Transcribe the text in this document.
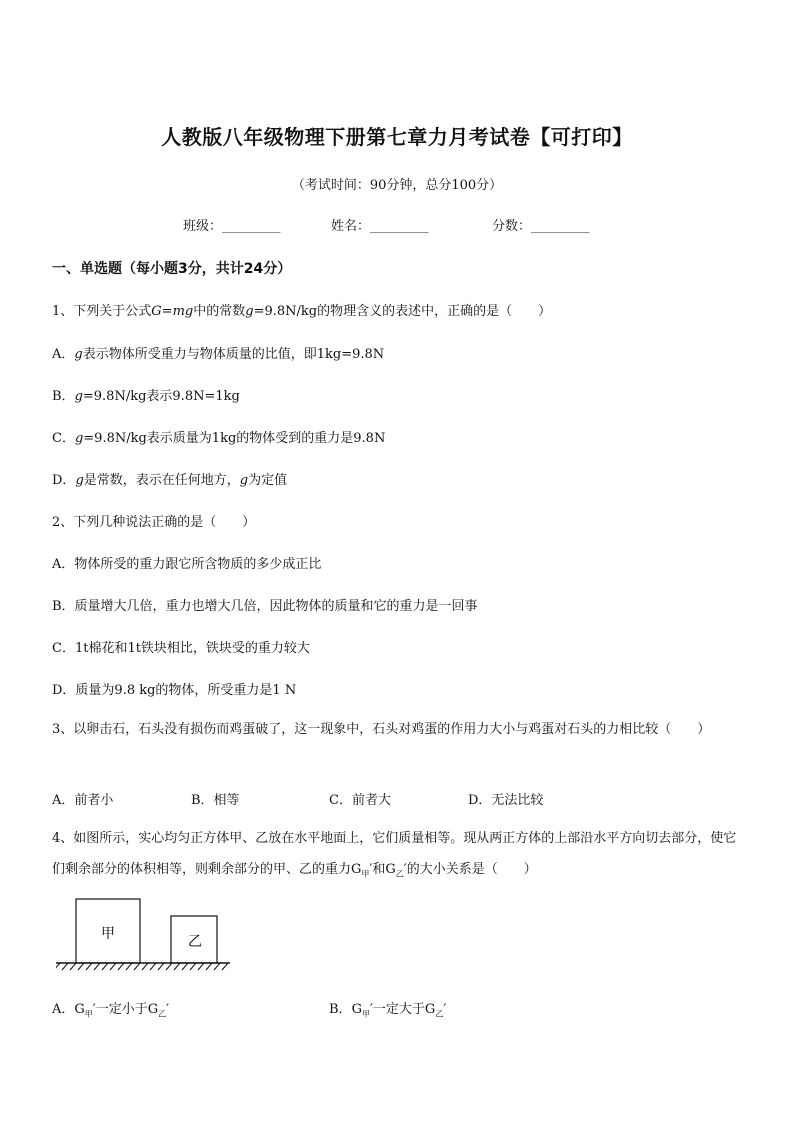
人教版八年级物理下册第七章力月考试卷【可打印】
（考试时间：90分钟，总分100分）
班级：_________	姓名：_________	分数：_________
一、单选题（每小题3分，共计24分）
1、下列关于公式G=mg中的常数g=9.8N/kg的物理含义的表述中，正确的是（　　）
A．g表示物体所受重力与物体质量的比值，即1kg=9.8N
B．g=9.8N/kg表示9.8N=1kg
C．g=9.8N/kg表示质量为1kg的物体受到的重力是9.8N
D．g是常数，表示在任何地方，g为定值
2、下列几种说法正确的是（　　）
A．物体所受的重力跟它所含物质的多少成正比
B．质量增大几倍，重力也增大几倍，因此物体的质量和它的重力是一回事
C．1t棉花和1t铁块相比，铁块受的重力较大
D．质量为9.8 kg的物体，所受重力是1 N
3、以卵击石，石头没有损伤而鸡蛋破了，这一现象中，石头对鸡蛋的作用力大小与鸡蛋对石头的力相比较（　　）
A．前者小	B．相等	C．前者大	D．无法比较
4、如图所示，实心均匀正方体甲、乙放在水平地面上，它们质量相等。现从两正方体的上部沿水平方向切去部分，使它们剩余部分的体积相等，则剩余部分的甲、乙的重力$G_甲'$和$G_乙'$的大小关系是（　　）
甲	乙
A．$G_甲'$一定小于$G_乙'$	B．$G_甲'$一定大于$G_乙'$
